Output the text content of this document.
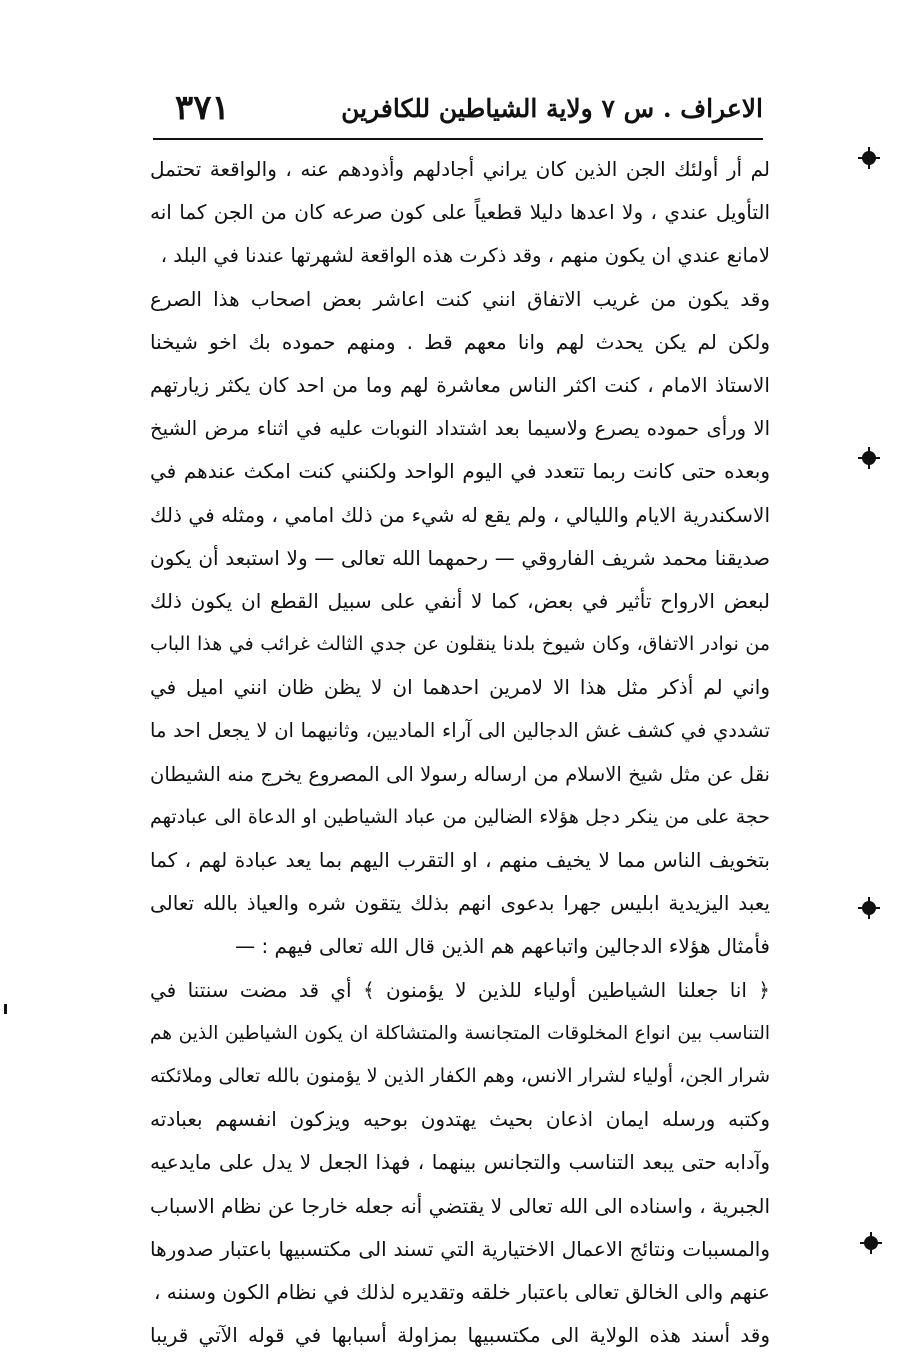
الاعراف . س ٧ ولاية الشياطين للكافرين
٣٧١
لم أر أولئك الجن الذين كان يراني أجادلهم وأذودهم عنه ، والواقعة تحتمل
التأويل عندي ، ولا اعدها دليلا قطعياً على كون صرعه كان من الجن كما انه
لامانع عندي ان يكون منهم ، وقد ذكرت هذه الواقعة لشهرتها عندنا في البلد ،
وقد يكون من غريب الاتفاق انني كنت اعاشر بعض اصحاب هذا الصرع
ولكن لم يكن يحدث لهم وانا معهم قط . ومنهم حموده بك اخو شيخنا
الاستاذ الامام ، كنت اكثر الناس معاشرة لهم وما من احد كان يكثر زيارتهم
الا ورأى حموده يصرع ولاسيما بعد اشتداد النوبات عليه في اثناء مرض الشيخ
وبعده حتى كانت ربما تتعدد في اليوم الواحد ولكنني كنت امكث عندهم في
الاسكندرية الايام والليالي ، ولم يقع له شيء من ذلك امامي ، ومثله في ذلك
صديقنا محمد شريف الفاروقي — رحمهما الله تعالى — ولا استبعد أن يكون
لبعض الارواح تأثير في بعض، كما لا أنفي على سبيل القطع ان يكون ذلك
من نوادر الاتفاق، وكان شيوخ بلدنا ينقلون عن جدي الثالث غرائب في هذا الباب
واني لم أذكر مثل هذا الا لامرين احدهما ان لا يظن ظان انني اميل في
تشددي في كشف غش الدجالين الى آراء الماديين، وثانيهما ان لا يجعل احد ما
نقل عن مثل شيخ الاسلام من ارساله رسولا الى المصروع يخرج منه الشيطان
حجة على من ينكر دجل هؤلاء الضالين من عباد الشياطين او الدعاة الى عبادتهم
بتخويف الناس مما لا يخيف منهم ، او التقرب اليهم بما يعد عبادة لهم ، كما
يعبد اليزيدية ابليس جهرا بدعوى انهم بذلك يتقون شره والعياذ بالله تعالى
فأمثال هؤلاء الدجالين واتباعهم هم الذين قال الله تعالى فيهم : —
﴿ انا جعلنا الشياطين أولياء للذين لا يؤمنون ﴾ أي قد مضت سنتنا في
التناسب بين انواع المخلوقات المتجانسة والمتشاكلة ان يكون الشياطين الذين هم
شرار الجن، أولياء لشرار الانس، وهم الكفار الذين لا يؤمنون بالله تعالى وملائكته
وكتبه ورسله ايمان اذعان بحيث يهتدون بوحيه ويزكون انفسهم بعبادته
وآدابه حتى يبعد التناسب والتجانس بينهما ، فهذا الجعل لا يدل على مايدعيه
الجبرية ، واسناده الى الله تعالى لا يقتضي أنه جعله خارجا عن نظام الاسباب
والمسببات ونتائج الاعمال الاختيارية التي تسند الى مكتسبيها باعتبار صدورها
عنهم والى الخالق تعالى باعتبار خلقه وتقديره لذلك في نظام الكون وسننه ،
وقد أسند هذه الولاية الى مكتسبيها بمزاولة أسبابها في قوله الآتي قريبا
